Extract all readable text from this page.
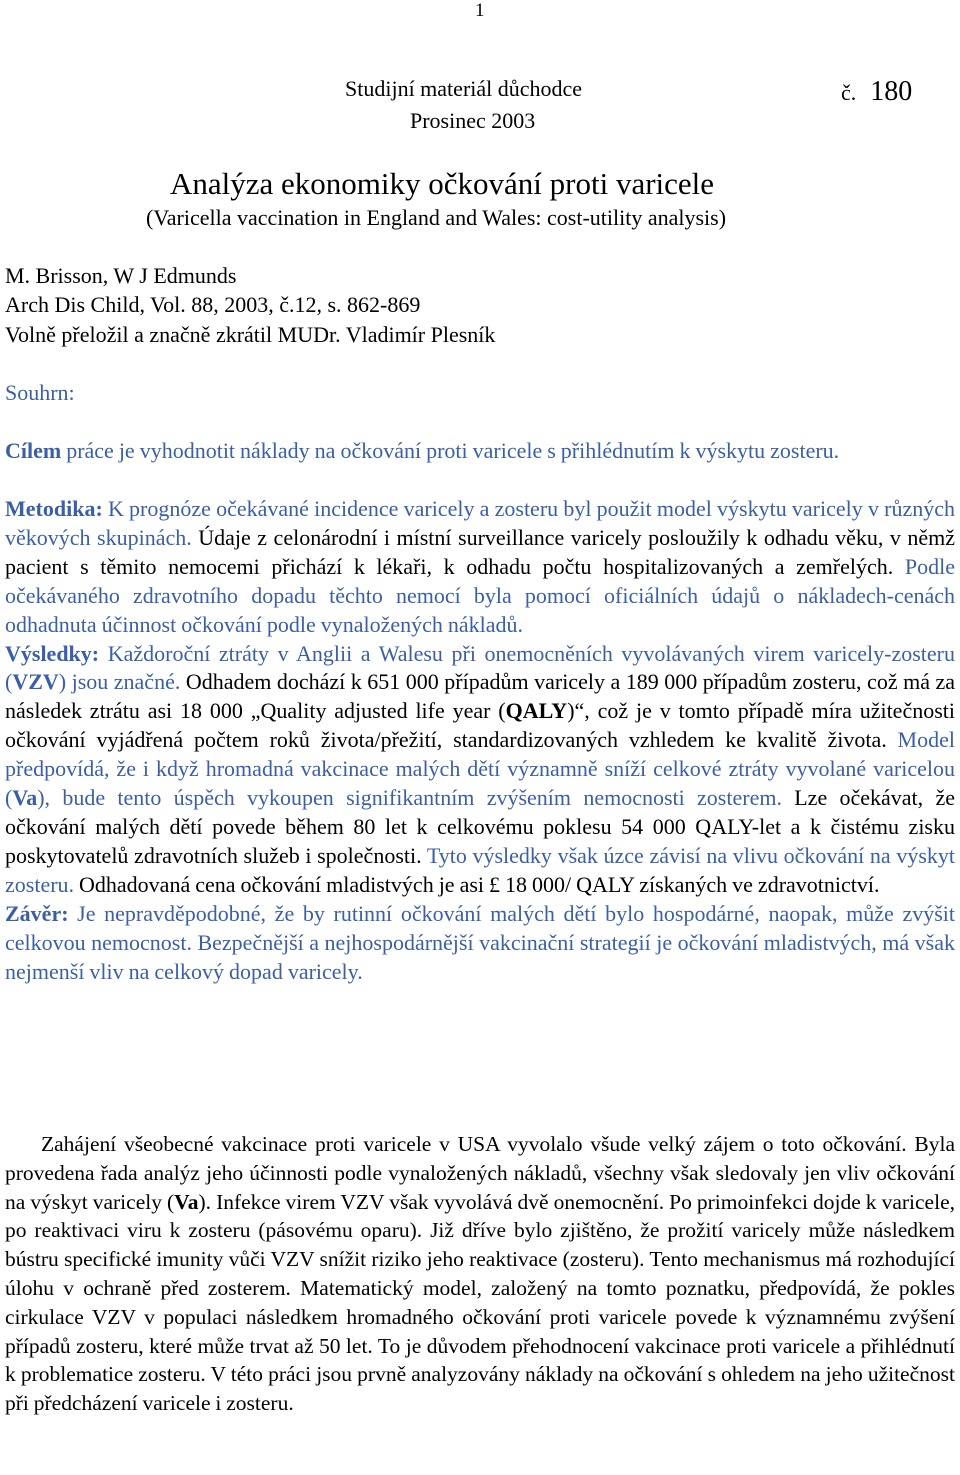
1
Studijní materiál důchodce	č. 180
Prosinec 2003
Analýza ekonomiky očkování proti varicele
(Varicella vaccination in England and Wales: cost-utility analysis)
M. Brisson, W J Edmunds
Arch Dis Child, Vol. 88, 2003, č.12, s. 862-869
Volně přeložil a značně zkrátil MUDr. Vladimír Plesník
Souhrn:
Cílem práce je vyhodnotit náklady na očkování proti varicele s přihlédnutím k výskytu zosteru.
Metodika: K prognóze očekávané incidence varicely a zosteru byl použit model výskytu varicely v různých věkových skupinách. Údaje z celonárodní i místní surveillance varicely posloužily k odhadu věku, v němž pacient s těmito nemocemi přichází k lékaři, k odhadu počtu hospitalizovaných a zemřelých. Podle očekávaného zdravotního dopadu těchto nemocí byla pomocí oficiálních údajů o nákladech-cenách odhadnuta účinnost očkování podle vynaložených nákladů.
Výsledky: Každoroční ztráty v Anglii a Walesu při onemocněních vyvolávaných virem varicely-zosteru (VZV) jsou značné. Odhadem dochází k 651 000 případům varicely a 189 000 případům zosteru, což má za následek ztrátu asi 18 000 „Quality adjusted life year (QALY)“, což je v tomto případě míra užitečnosti očkování vyjádřená počtem roků života/přežití, standardizovaných vzhledem ke kvalitě života. Model předpovídá, že i když hromadná vakcinace malých dětí významně sníží celkové ztráty vyvolané varicelou (Va), bude tento úspěch vykoupen signifikantním zvýšením nemocnosti zosterem. Lze očekávat, že očkování malých dětí povede během 80 let k celkovému poklesu 54 000 QALY-let a k čistému zisku poskytovatelů zdravotních služeb i společnosti. Tyto výsledky však úzce závisí na vlivu očkování na výskyt zosteru. Odhadovaná cena očkování mladistvých je asi £ 18 000/ QALY získaných ve zdravotnictví.
Závěr: Je nepravděpodobné, že by rutinní očkování malých dětí bylo hospodárné, naopak, může zvýšit celkovou nemocnost. Bezpečnější a nejhospodárnější vakcinační strategií je očkování mladistvých, má však nejmenší vliv na celkový dopad varicely.
Zahájení všeobecné vakcinace proti varicele v USA vyvolalo všude velký zájem o toto očkování. Byla provedena řada analýz jeho účinnosti podle vynaložených nákladů, všechny však sledovaly jen vliv očkování na výskyt varicely (Va). Infekce virem VZV však vyvolává dvě onemocnění. Po primoinfekci dojde k varicele, po reaktivaci viru k zosteru (pásovému oparu). Již dříve bylo zjištěno, že prožití varicely může následkem bústru specifické imunity vůči VZV snížit riziko jeho reaktivace (zosteru). Tento mechanismus má rozhodující úlohu v ochraně před zosterem. Matematický model, založený na tomto poznatku, předpovídá, že pokles cirkulace VZV v populaci následkem hromadného očkování proti varicele povede k významnému zvýšení případů zosteru, které může trvat až 50 let. To je důvodem přehodnocení vakcinace proti varicele a přihlédnutí k problematice zosteru. V této práci jsou prvně analyzovány náklady na očkování s ohledem na jeho užitečnost při předcházení varicele i zosteru.
